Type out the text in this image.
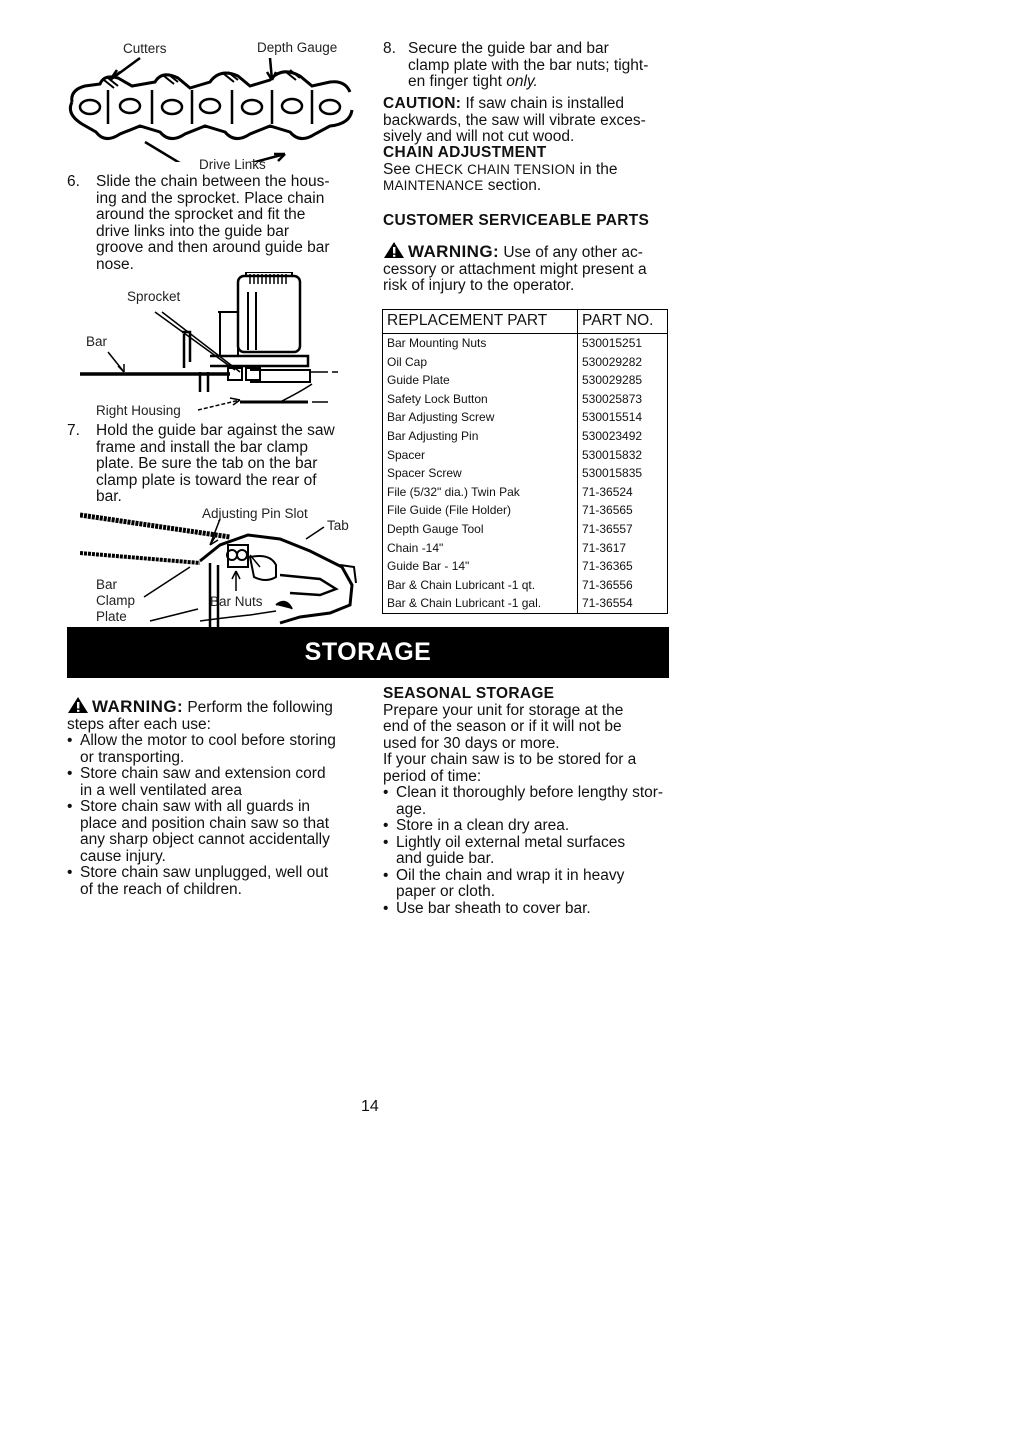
Cutters	Depth Gauge
Drive Links
6. Slide the chain between the hous-
ing and the sprocket. Place chain
around the sprocket and fit the
drive links into the guide bar
groove and then around guide bar
nose.
Sprocket
Bar
Right Housing
7. Hold the guide bar against the saw
frame and install the bar clamp
plate. Be sure the tab on the bar
clamp plate is toward the rear of
bar.
Adjusting Pin Slot
Tab
Bar
Clamp
Plate
Bar Nuts
8. Secure the guide bar and bar
clamp plate with the bar nuts; tight-
en finger tight only.
CAUTION: If saw chain is installed
backwards, the saw will vibrate exces-
sively and will not cut wood.
CHAIN ADJUSTMENT
See CHECK CHAIN TENSION in the
MAINTENANCE section.
CUSTOMER SERVICEABLE PARTS
WARNING: Use of any other ac-
cessory or attachment might present a
risk of injury to the operator.
REPLACEMENT PART	PART NO.
Bar Mounting Nuts	530015251
Oil Cap	530029282
Guide Plate	530029285
Safety Lock Button	530025873
Bar Adjusting Screw	530015514
Bar Adjusting Pin	530023492
Spacer	530015832
Spacer Screw	530015835
File (5/32" dia.) Twin Pak	71-36524
File Guide (File Holder)	71-36565
Depth Gauge Tool	71-36557
Chain -14"	71-3617
Guide Bar - 14"	71-36365
Bar & Chain Lubricant -1 qt.	71-36556
Bar & Chain Lubricant -1 gal.	71-36554
STORAGE
WARNING: Perform the following
steps after each use:
• Allow the motor to cool before storing
or transporting.
• Store chain saw and extension cord
in a well ventilated area
• Store chain saw with all guards in
place and position chain saw so that
any sharp object cannot accidentally
cause injury.
• Store chain saw unplugged, well out
of the reach of children.
SEASONAL STORAGE
Prepare your unit for storage at the
end of the season or if it will not be
used for 30 days or more.
If your chain saw is to be stored for a
period of time:
• Clean it thoroughly before lengthy stor-
age.
• Store in a clean dry area.
• Lightly oil external metal surfaces
and guide bar.
• Oil the chain and wrap it in heavy
paper or cloth.
• Use bar sheath to cover bar.
14
